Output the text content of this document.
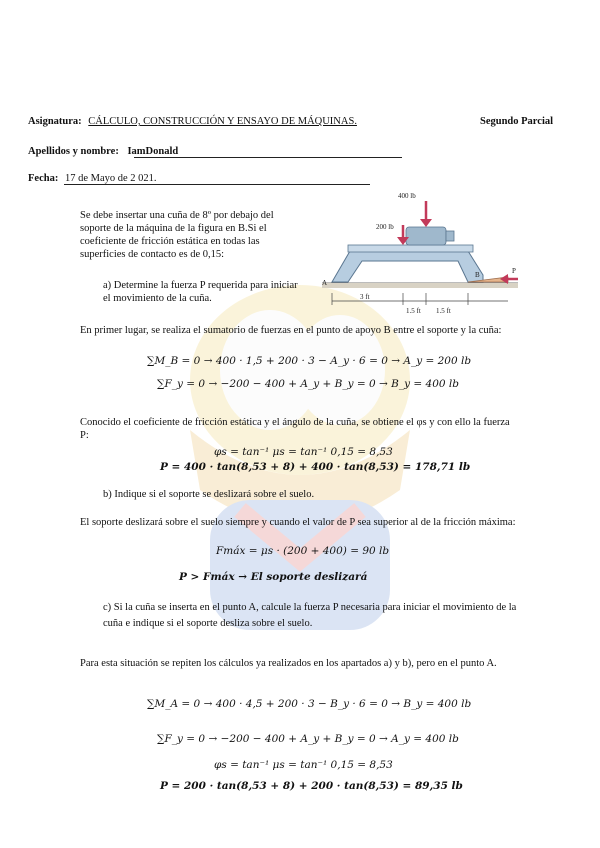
Asignatura: CÁLCULO, CONSTRUCCIÓN Y ENSAYO DE MÁQUINAS.	Segundo Parcial
Apellidos y nombre: IamDonald
Fecha: 17 de Mayo de 2 021.
Se debe insertar una cuña de 8º por debajo del soporte de la máquina de la figura en B.Si el coeficiente de fricción estática en todas las superficies de contacto es de 0,15:
400 lb
200 lb
A
B	P
3 ft
1.5 ft 1.5 ft
a) Determine la fuerza P requerida para iniciar el movimiento de la cuña.
En primer lugar, se realiza el sumatorio de fuerzas en el punto de apoyo B entre el soporte y la cuña:
∑M_B = 0 → 400 · 1,5 + 200 · 3 − A_y · 6 = 0 → A_y = 200 lb
∑F_y = 0 → −200 − 400 + A_y + B_y = 0 → B_y = 400 lb
Conocido el coeficiente de fricción estática y el ángulo de la cuña, se obtiene el φs y con ello la fuerza P:
φs = tan⁻¹ μs = tan⁻¹ 0,15 = 8,53
P = 400 · tan(8,53 + 8) + 400 · tan(8,53) = 178,71 lb
b) Indique si el soporte se deslizará sobre el suelo.
El soporte deslizará sobre el suelo siempre y cuando el valor de P sea superior al de la fricción máxima:
Fmáx = μs · (200 + 400) = 90 lb
P > Fmáx → El soporte deslizará
c) Si la cuña se inserta en el punto A, calcule la fuerza P necesaria para iniciar el movimiento de la cuña e indique si el soporte desliza sobre el suelo.
Para esta situación se repiten los cálculos ya realizados en los apartados a) y b), pero en el punto A.
∑M_A = 0 → 400 · 4,5 + 200 · 3 − B_y · 6 = 0 → B_y = 400 lb
∑F_y = 0 → −200 − 400 + A_y + B_y = 0 → A_y = 400 lb
φs = tan⁻¹ μs = tan⁻¹ 0,15 = 8,53
P = 200 · tan(8,53 + 8) + 200 · tan(8,53) = 89,35 lb
